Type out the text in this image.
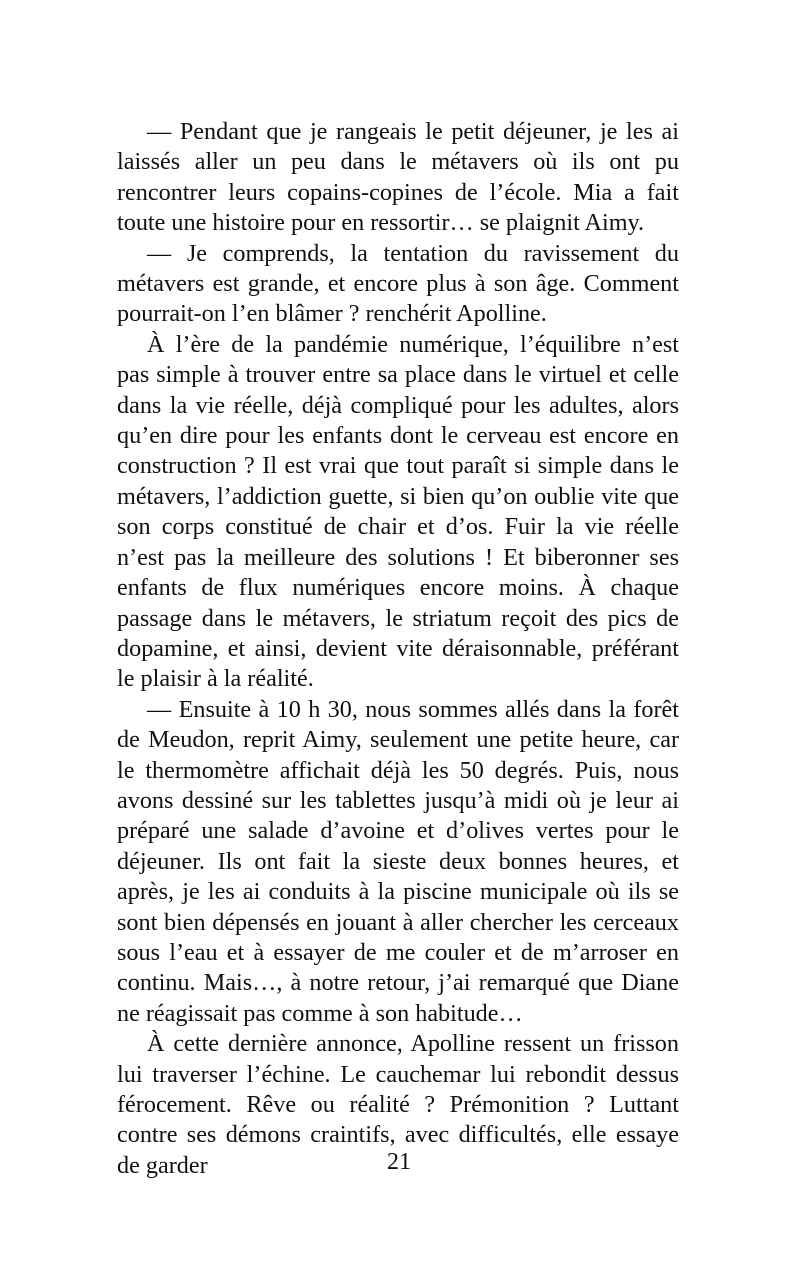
— Pendant que je rangeais le petit déjeuner, je les ai laissés aller un peu dans le métavers où ils ont pu rencontrer leurs copains-copines de l’école. Mia a fait toute une histoire pour en ressortir… se plaignit Aimy.

— Je comprends, la tentation du ravissement du métavers est grande, et encore plus à son âge. Comment pourrait-on l’en blâmer ? renchérit Apolline.

À l’ère de la pandémie numérique, l’équilibre n’est pas simple à trouver entre sa place dans le virtuel et celle dans la vie réelle, déjà compliqué pour les adultes, alors qu’en dire pour les enfants dont le cerveau est encore en construction ? Il est vrai que tout paraît si simple dans le métavers, l’addiction guette, si bien qu’on oublie vite que son corps constitué de chair et d’os. Fuir la vie réelle n’est pas la meilleure des solutions ! Et biberonner ses enfants de flux numériques encore moins. À chaque passage dans le métavers, le striatum reçoit des pics de dopamine, et ainsi, devient vite déraisonnable, préférant le plaisir à la réalité.

— Ensuite à 10 h 30, nous sommes allés dans la forêt de Meudon, reprit Aimy, seulement une petite heure, car le thermomètre affichait déjà les 50 degrés. Puis, nous avons dessiné sur les tablettes jusqu’à midi où je leur ai préparé une salade d’avoine et d’olives vertes pour le déjeuner. Ils ont fait la sieste deux bonnes heures, et après, je les ai conduits à la piscine municipale où ils se sont bien dépensés en jouant à aller chercher les cerceaux sous l’eau et à essayer de me couler et de m’arroser en continu. Mais…, à notre retour, j’ai remarqué que Diane ne réagissait pas comme à son habitude…

À cette dernière annonce, Apolline ressent un frisson lui traverser l’échine. Le cauchemar lui rebondit dessus férocement. Rêve ou réalité ? Prémonition ? Luttant contre ses démons craintifs, avec difficultés, elle essaye de garder	21
